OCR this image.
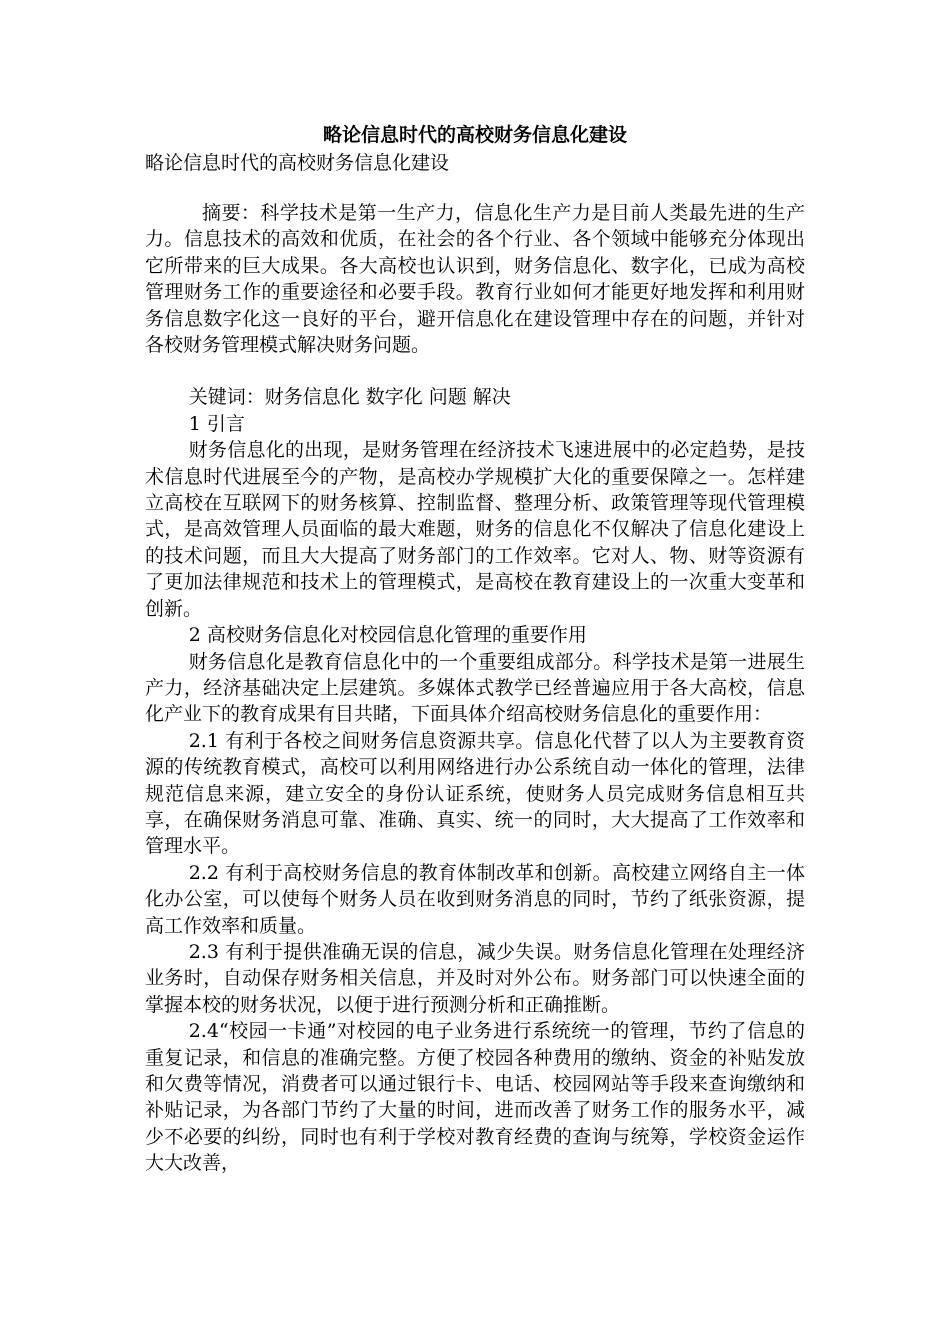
略论信息时代的高校财务信息化建设
略论信息时代的高校财务信息化建设

摘要：科学技术是第一生产力，信息化生产力是目前人类最先进的生产力。信息技术的高效和优质，在社会的各个行业、各个领域中能够充分体现出它所带来的巨大成果。各大高校也认识到，财务信息化、数字化，已成为高校管理财务工作的重要途径和必要手段。教育行业如何才能更好地发挥和利用财务信息数字化这一良好的平台，避开信息化在建设管理中存在的问题，并针对各校财务管理模式解决财务问题。

关键词：财务信息化 数字化 问题 解决

1 引言

财务信息化的出现，是财务管理在经济技术飞速进展中的必定趋势，是技术信息时代进展至今的产物，是高校办学规模扩大化的重要保障之一。怎样建立高校在互联网下的财务核算、控制监督、整理分析、政策管理等现代管理模式，是高效管理人员面临的最大难题，财务的信息化不仅解决了信息化建设上的技术问题，而且大大提高了财务部门的工作效率。它对人、物、财等资源有了更加法律规范和技术上的管理模式，是高校在教育建设上的一次重大变革和创新。

2 高校财务信息化对校园信息化管理的重要作用

财务信息化是教育信息化中的一个重要组成部分。科学技术是第一进展生产力，经济基础决定上层建筑。多媒体式教学已经普遍应用于各大高校，信息化产业下的教育成果有目共睹，下面具体介绍高校财务信息化的重要作用：

2.1 有利于各校之间财务信息资源共享。信息化代替了以人为主要教育资源的传统教育模式，高校可以利用网络进行办公系统自动一体化的管理，法律规范信息来源，建立安全的身份认证系统，使财务人员完成财务信息相互共享，在确保财务消息可靠、准确、真实、统一的同时，大大提高了工作效率和管理水平。

2.2 有利于高校财务信息的教育体制改革和创新。高校建立网络自主一体化办公室，可以使每个财务人员在收到财务消息的同时，节约了纸张资源，提高工作效率和质量。

2.3 有利于提供准确无误的信息，减少失误。财务信息化管理在处理经济业务时，自动保存财务相关信息，并及时对外公布。财务部门可以快速全面的掌握本校的财务状况，以便于进行预测分析和正确推断。

2.4“校园一卡通”对校园的电子业务进行系统统一的管理，节约了信息的重复记录，和信息的准确完整。方便了校园各种费用的缴纳、资金的补贴发放和欠费等情况，消费者可以通过银行卡、电话、校园网站等手段来查询缴纳和补贴记录，为各部门节约了大量的时间，进而改善了财务工作的服务水平，减少不必要的纠纷，同时也有利于学校对教育经费的查询与统筹，学校资金运作大大改善，
